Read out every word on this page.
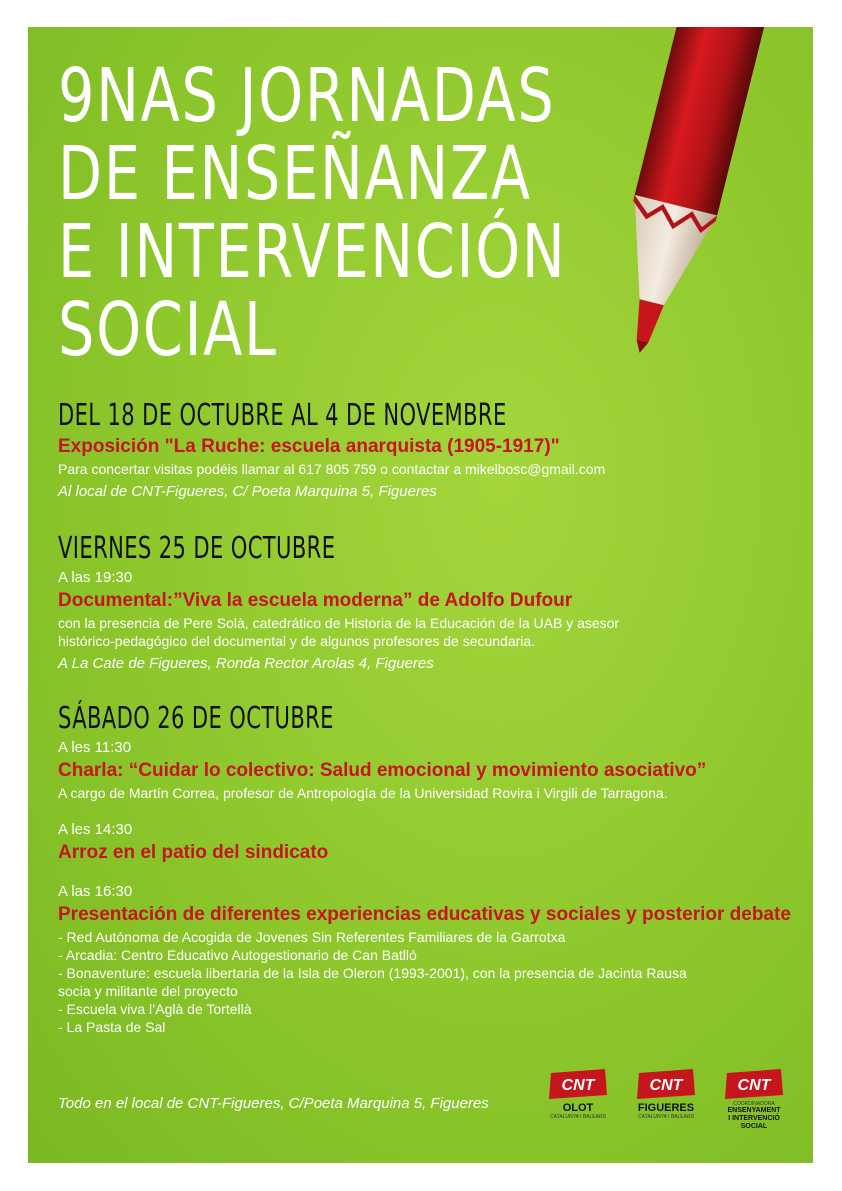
9NAS JORNADAS
DE ENSEÑANZA
E INTERVENCIÓN
SOCIAL
DEL 18 DE OCTUBRE AL 4 DE NOVEMBRE

Exposición "La Ruche: escuela anarquista (1905-1917)"

Para concertar visitas podéis llamar al 617 805 759 o contactar a mikelbosc@gmail.com

Al local de CNT-Figueres, C/ Poeta Marquina 5, Figueres

VIERNES 25 DE OCTUBRE

A las 19:30

Documental:”Viva la escuela moderna” de Adolfo Dufour

con la presencia de Pere Solà, catedrático de Historia de la Educación de la UAB y asesor

histórico-pedagógico del documental y de algunos profesores de secundaria.

A La Cate de Figueres, Ronda Rector Arolas 4, Figueres

SÁBADO 26 DE OCTUBRE

A les 11:30

Charla: “Cuidar lo colectivo: Salud emocional y movimiento asociativo”

A cargo de Martín Correa, profesor de Antropología de la Universidad Rovira i Virgili de Tarragona.

A les 14:30

Arroz en el patio del sindicato

A las 16:30

Presentación de diferentes experiencias educativas y sociales y posterior debate

- Red Autónoma de Acogida de Jovenes Sin Referentes Familiares de la Garrotxa
- Arcadia: Centro Educativo Autogestionario de Can Batlló
- Bonaventure: escuela libertaria de la Isla de Oleron (1993-2001), con la presencia de Jacinta Rausa
socia y militante del proyecto
- Escuela viva l’Aglà de Tortellà
- La Pasta de Sal
Todo en el local de CNT-Figueres, C/Poeta Marquina 5, Figueres
CNT
OLOT
CATALUNYA I BALEARS
CNT
FIGUERES
CATALUNYA I BALEARS
CNT
COORDINADORA
ENSENYAMENT
I INTERVENCIÓ
SOCIAL
